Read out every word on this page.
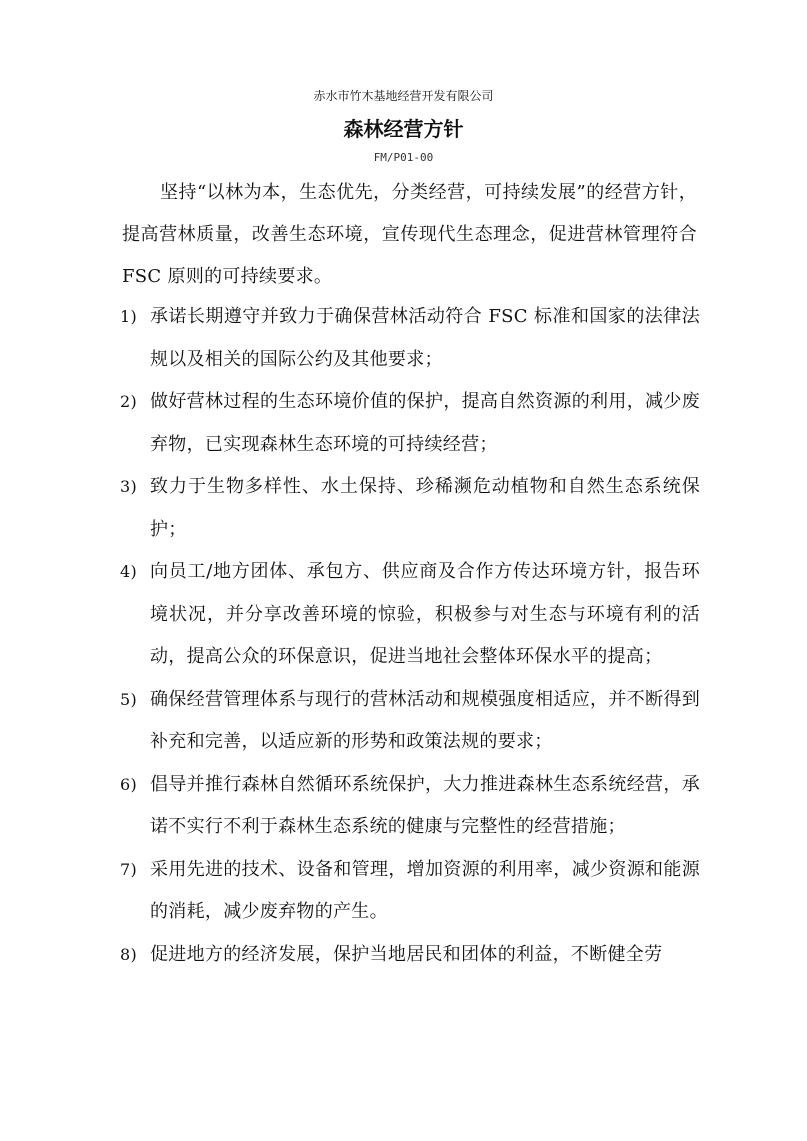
赤水市竹木基地经营开发有限公司
森林经营方针
FM/P01-00

坚持“以林为本，生态优先，分类经营，可持续发展”的经营方针，提高营林质量，改善生态环境，宣传现代生态理念，促进营林管理符合 FSC 原则的可持续要求。

1) 承诺长期遵守并致力于确保营林活动符合 FSC 标准和国家的法律法规以及相关的国际公约及其他要求；
2) 做好营林过程的生态环境价值的保护，提高自然资源的利用，减少废弃物，已实现森林生态环境的可持续经营；
3) 致力于生物多样性、水土保持、珍稀濒危动植物和自然生态系统保护；
4) 向员工/地方团体、承包方、供应商及合作方传达环境方针，报告环境状况，并分享改善环境的惊验，积极参与对生态与环境有利的活动，提高公众的环保意识，促进当地社会整体环保水平的提高；
5) 确保经营管理体系与现行的营林活动和规模强度相适应，并不断得到补充和完善，以适应新的形势和政策法规的要求；
6) 倡导并推行森林自然循环系统保护，大力推进森林生态系统经营，承诺不实行不利于森林生态系统的健康与完整性的经营措施；
7) 采用先进的技术、设备和管理，增加资源的利用率，减少资源和能源的消耗，减少废弃物的产生。
8) 促进地方的经济发展，保护当地居民和团体的利益，不断健全劳
